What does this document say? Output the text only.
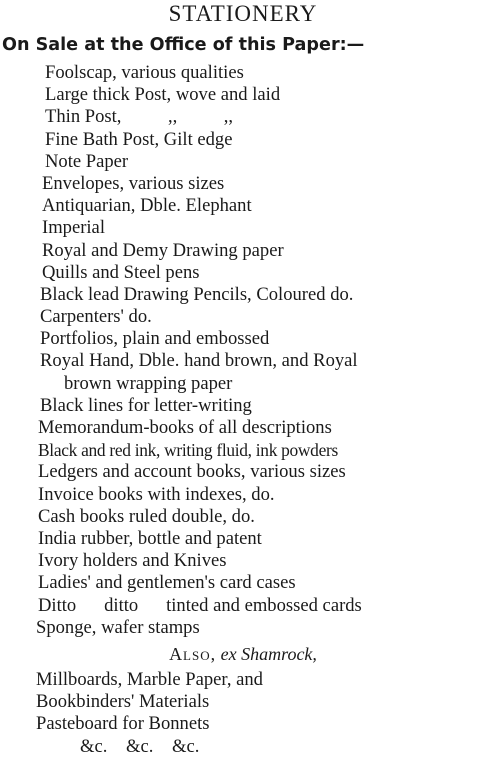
STATIONERY
On Sale at the Office of this Paper:—
Foolscap, various qualities
Large thick Post, wove and laid
Thin Post,          ,,          ,,
Fine Bath Post, Gilt edge
Note Paper
Envelopes, various sizes
Antiquarian, Dble. Elephant
Imperial
Royal and Demy Drawing paper
Quills and Steel pens
Black lead Drawing Pencils, Coloured do.
Carpenters' do.
Portfolios, plain and embossed
Royal Hand, Dble. hand brown, and Royal
brown wrapping paper
Black lines for letter-writing
Memorandum-books of all descriptions
Black and red ink, writing fluid, ink powders
Ledgers and account books, various sizes
Invoice books with indexes, do.
Cash books ruled double, do.
India rubber, bottle and patent
Ivory holders and Knives
Ladies' and gentlemen's card cases
Ditto      ditto      tinted and embossed cards
Sponge, wafer stamps
Also, ex Shamrock,
Millboards, Marble Paper, and
Bookbinders' Materials
Pasteboard for Bonnets
&c. &c. &c.
